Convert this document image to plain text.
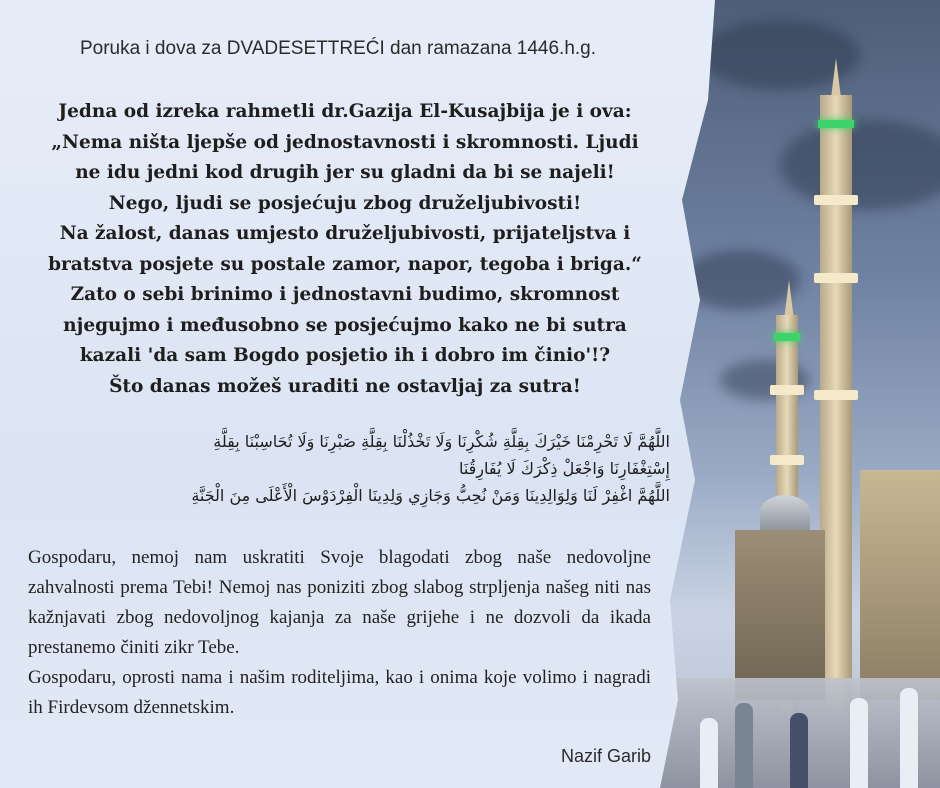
Poruka i dova za DVADESETTREĆI dan ramazana 1446.h.g.
Jedna od izreka rahmetli dr.Gazija El-Kusajbija je i ova:
„Nema ništa ljepše od jednostavnosti i skromnosti. Ljudi
ne idu jedni kod drugih jer su gladni da bi se najeli!
Nego, ljudi se posjećuju zbog druželjubivosti!
Na žalost, danas umjesto druželjubivosti, prijateljstva i
bratstva posjete su postale zamor, napor, tegoba i briga.“
Zato o sebi brinimo i jednostavni budimo, skromnost
njegujmo i međusobno se posjećujmo kako ne bi sutra
kazali 'da sam Bogdo posjetio ih i dobro im činio'!?
Što danas možeš uraditi ne ostavljaj za sutra!
اللَّهُمَّ لَا تَحْرِمْنَا خَيْرَكَ بِقِلَّةِ شُكْرِنَا وَلَا تَخْذُلْنَا بِقِلَّةِ صَبْرِنَا وَلَا تُحَاسِبْنَا بِقِلَّةِ
إِسْتِغْفَارِنَا وَاجْعَلْ ذِكْرَكَ لَا يُفَارِقُنَا
اللَّهُمَّ اغْفِرْ لَنَا وَلِوَالِدِينَا وَمَنْ نُحِبُّ وَجَازِي وَلِدِينَا الْفِرْدَوْسَ الْأَعْلَى مِنَ الْجَنَّةِ

Gospodaru, nemoj nam uskratiti Svoje blagodati zbog naše nedovoljne zahvalnosti prema Tebi! Nemoj nas poniziti zbog slabog strpljenja našeg niti nas kažnjavati zbog nedovoljnog kajanja za naše grijehe i ne dozvoli da ikada prestanemo činiti zikr Tebe.

Gospodaru, oprosti nama i našim roditeljima, kao i onima koje volimo i nagradi ih Firdevsom džennetskim.

Nazif Garib
